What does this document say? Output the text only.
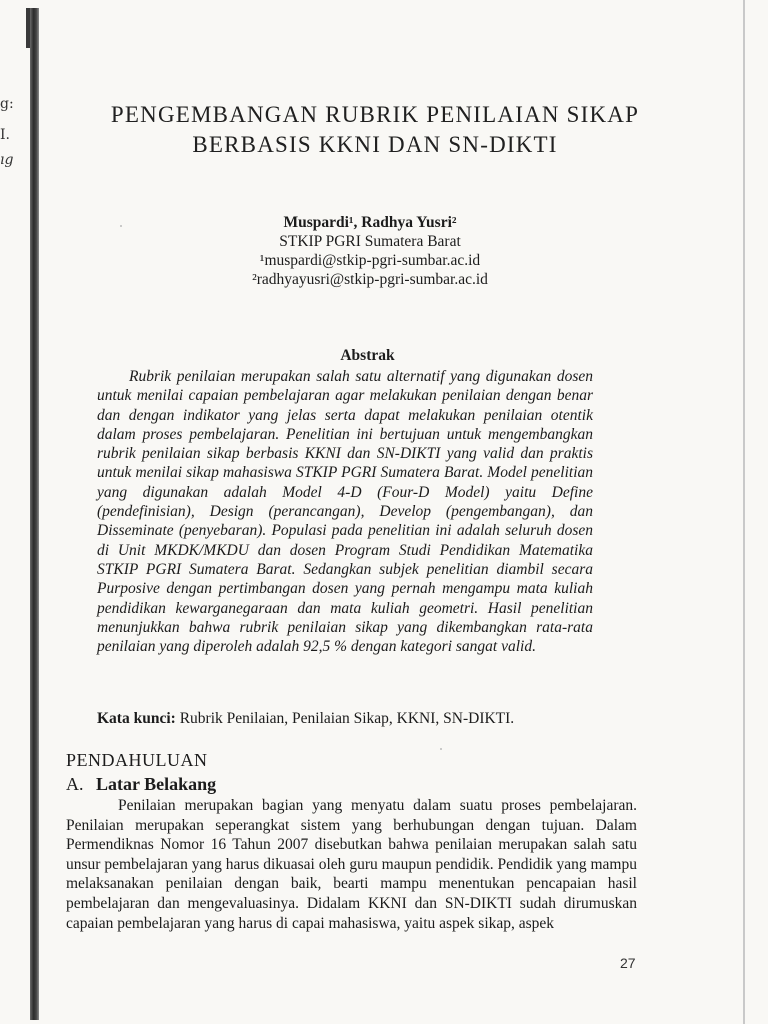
g:
I.
ıg
PENGEMBANGAN RUBRIK PENILAIAN SIKAP
BERBASIS KKNI DAN SN-DIKTI
Muspardi¹, Radhya Yusri²
STKIP PGRI Sumatera Barat
¹muspardi@stkip-pgri-sumbar.ac.id
²radhyayusri@stkip-pgri-sumbar.ac.id
Abstrak

Rubrik penilaian merupakan salah satu alternatif yang digunakan dosen untuk menilai capaian pembelajaran agar melakukan penilaian dengan benar dan dengan indikator yang jelas serta dapat melakukan penilaian otentik dalam proses pembelajaran. Penelitian ini bertujuan untuk mengembangkan rubrik penilaian sikap berbasis KKNI dan SN-DIKTI yang valid dan praktis untuk menilai sikap mahasiswa STKIP PGRI Sumatera Barat. Model penelitian yang digunakan adalah Model 4-D (Four-D Model) yaitu Define (pendefinisian), Design (perancangan), Develop (pengembangan), dan Disseminate (penyebaran). Populasi pada penelitian ini adalah seluruh dosen di Unit MKDK/MKDU dan dosen Program Studi Pendidikan Matematika STKIP PGRI Sumatera Barat. Sedangkan subjek penelitian diambil secara Purposive dengan pertimbangan dosen yang pernah mengampu mata kuliah pendidikan kewarganegaraan dan mata kuliah geometri. Hasil penelitian menunjukkan bahwa rubrik penilaian sikap yang dikembangkan rata-rata penilaian yang diperoleh adalah 92,5 % dengan kategori sangat valid.

Kata kunci: Rubrik Penilaian, Penilaian Sikap, KKNI, SN-DIKTI.
PENDAHULUAN
A. Latar Belakang

Penilaian merupakan bagian yang menyatu dalam suatu proses pembelajaran. Penilaian merupakan seperangkat sistem yang berhubungan dengan tujuan. Dalam Permendiknas Nomor 16 Tahun 2007 disebutkan bahwa penilaian merupakan salah satu unsur pembelajaran yang harus dikuasai oleh guru maupun pendidik. Pendidik yang mampu melaksanakan penilaian dengan baik, bearti mampu menentukan pencapaian hasil pembelajaran dan mengevaluasinya. Didalam KKNI dan SN-DIKTI sudah dirumuskan capaian pembelajaran yang harus di capai mahasiswa, yaitu aspek sikap, aspek

27
